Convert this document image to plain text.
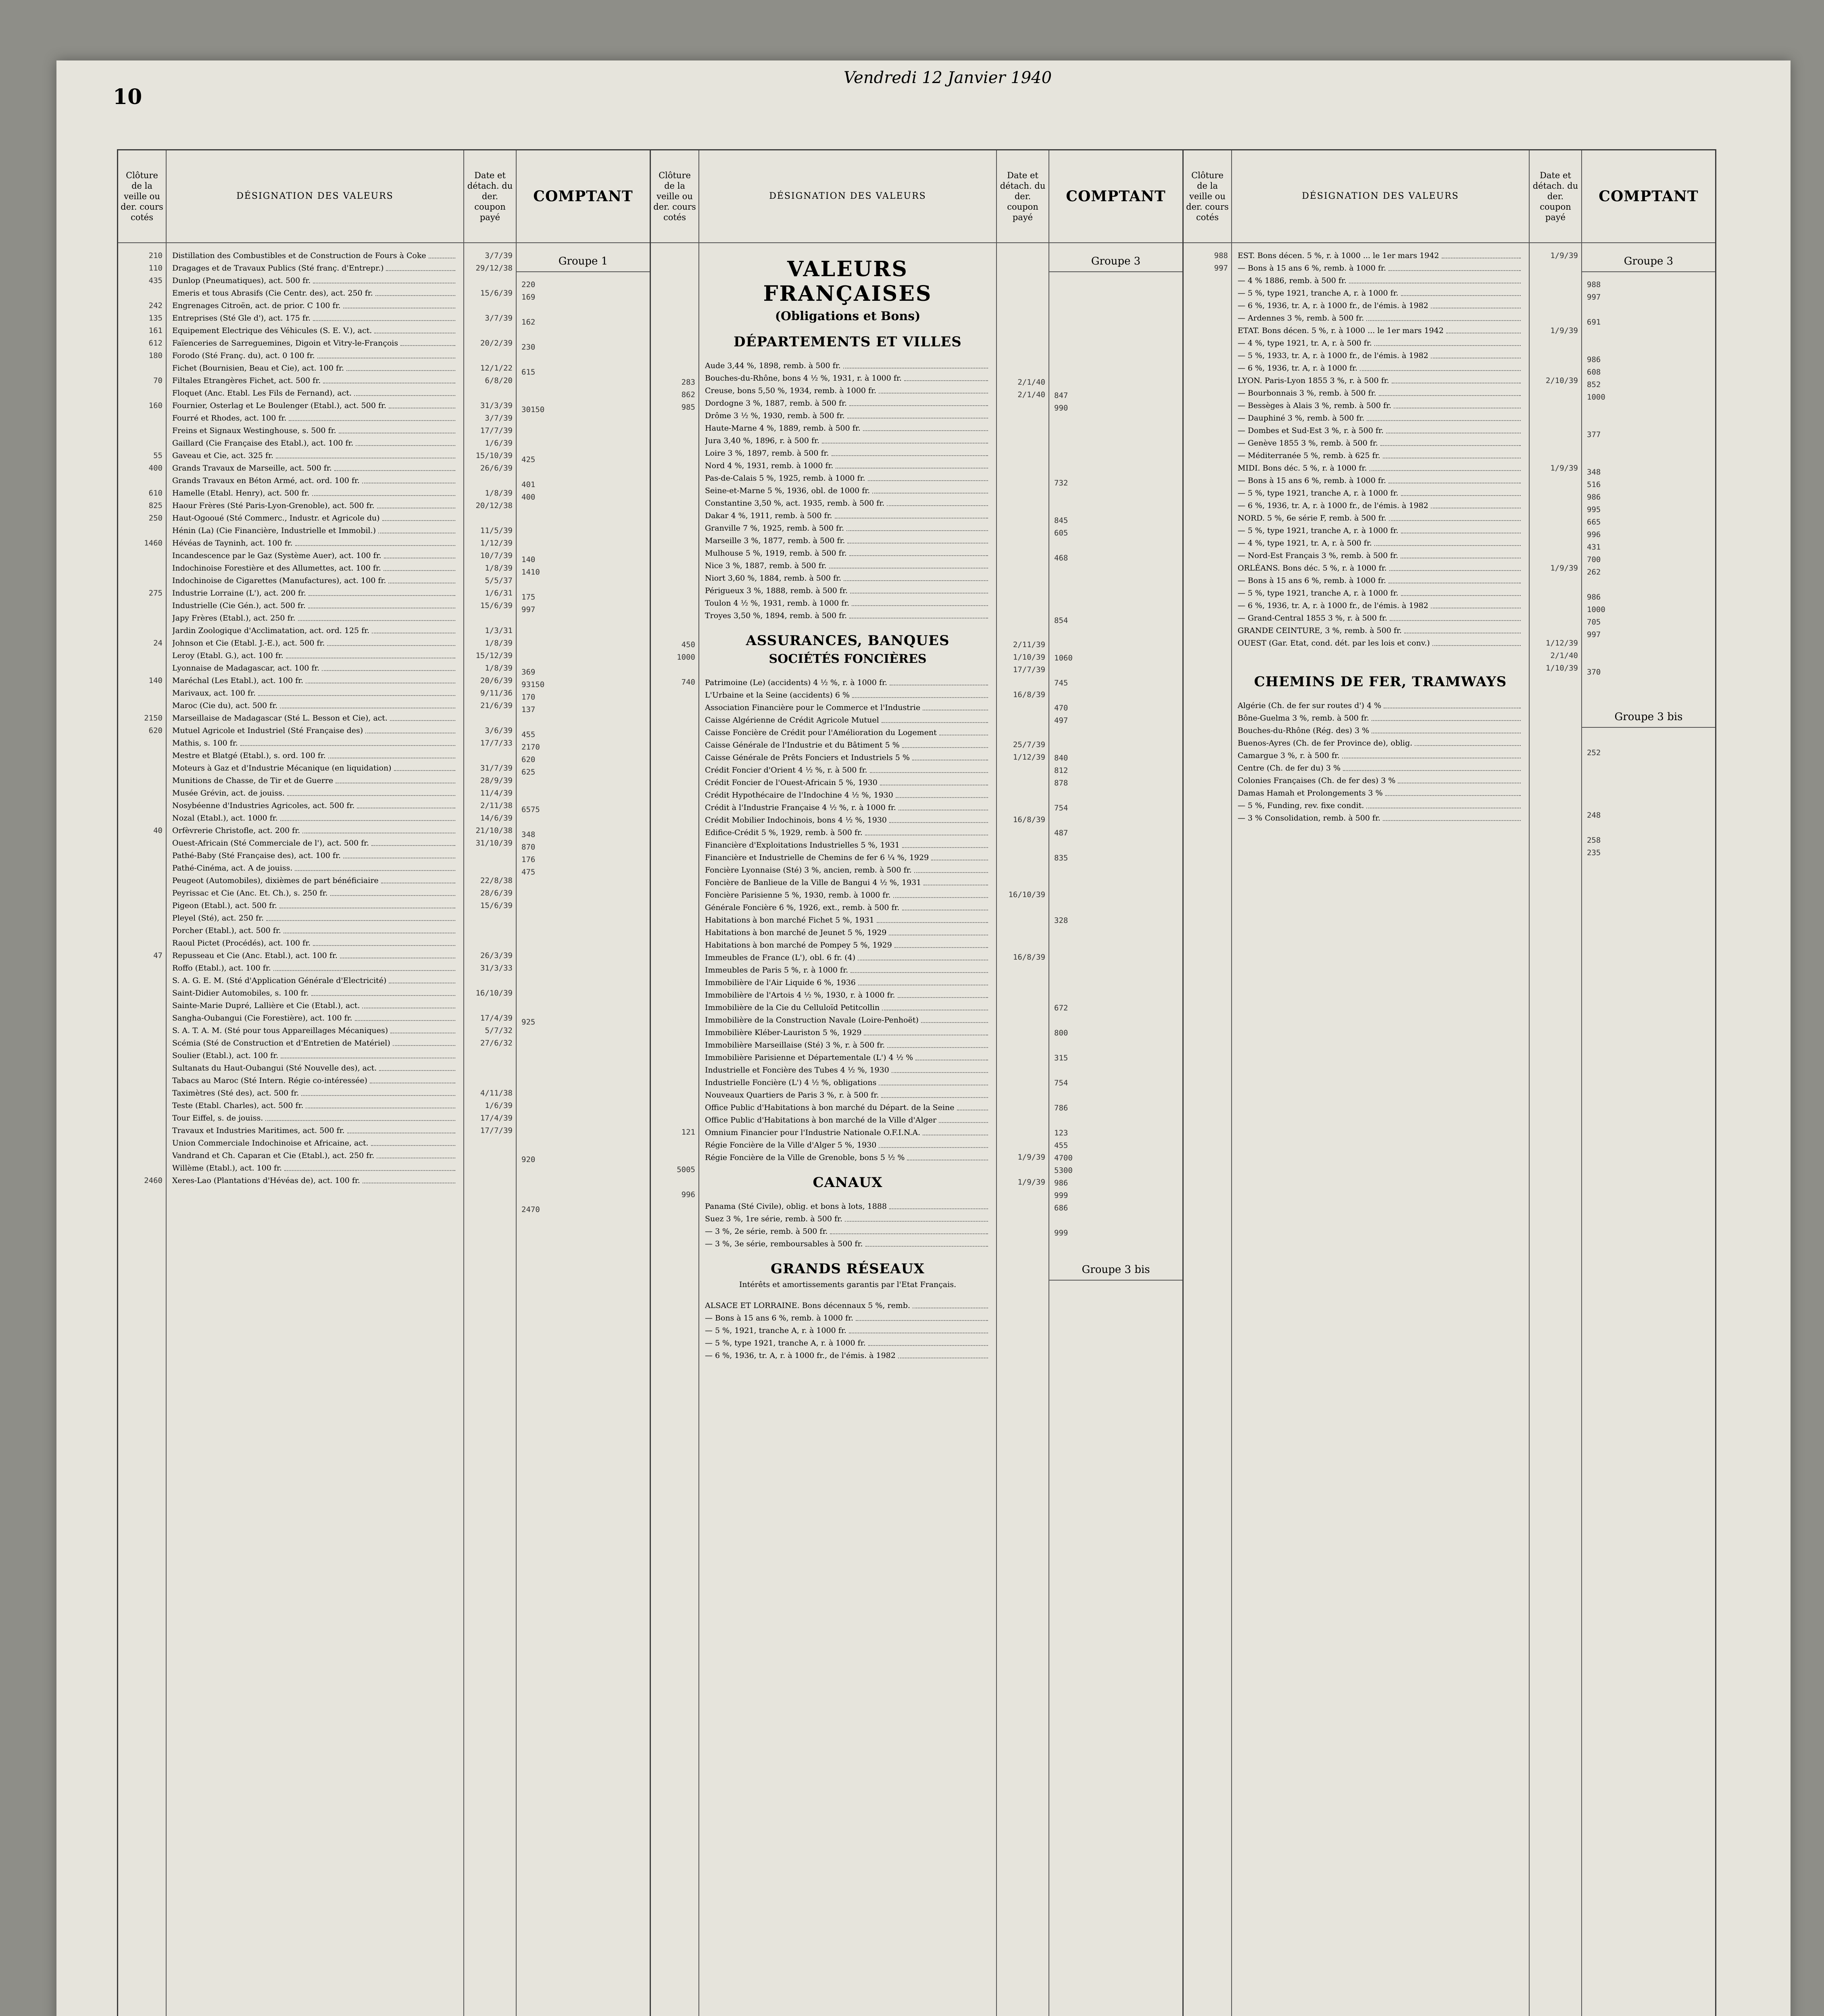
10
Vendredi 12 Janvier 1940
Clôture de la veille ou der. cours cotés
210
110
435

242
135
161
612
180

70

160

55
400

610
825
250

1460

275

24

140

2150
620

40

47

2460
DÉSIGNATION DES VALEURS
Distillation des Combustibles et de Construction de Fours à Coke
Dragages et de Travaux Publics (Sté franç. d'Entrepr.)
Dunlop (Pneumatiques), act. 500 fr.
Emeris et tous Abrasifs (Cie Centr. des), act. 250 fr.
Engrenages Citroën, act. de prior. C 100 fr.
Entreprises (Sté Gle d'), act. 175 fr.
Equipement Electrique des Véhicules (S. E. V.), act.
Faïenceries de Sarreguemines, Digoin et Vitry-le-François
Forodo (Sté Franç. du), act. 0 100 fr.
Fichet (Bournisien, Beau et Cie), act. 100 fr.
Filtales Etrangères Fichet, act. 500 fr.
Floquet (Anc. Etabl. Les Fils de Fernand), act.
Fournier, Osterlag et Le Boulenger (Etabl.), act. 500 fr.
Fourré et Rhodes, act. 100 fr.
Freins et Signaux Westinghouse, s. 500 fr.
Gaillard (Cie Française des Etabl.), act. 100 fr.
Gaveau et Cie, act. 325 fr.
Grands Travaux de Marseille, act. 500 fr.
Grands Travaux en Béton Armé, act. ord. 100 fr.
Hamelle (Etabl. Henry), act. 500 fr.
Haour Frères (Sté Paris-Lyon-Grenoble), act. 500 fr.
Haut-Ogooué (Sté Commerc., Industr. et Agricole du)
Hénin (La) (Cie Financière, Industrielle et Immobil.)
Hévéas de Tayninh, act. 100 fr.
Incandescence par le Gaz (Système Auer), act. 100 fr.
Indochinoise Forestière et des Allumettes, act. 100 fr.
Indochinoise de Cigarettes (Manufactures), act. 100 fr.
Industrie Lorraine (L'), act. 200 fr.
Industrielle (Cie Gén.), act. 500 fr.
Japy Frères (Etabl.), act. 250 fr.
Jardin Zoologique d'Acclimatation, act. ord. 125 fr.
Johnson et Cie (Etabl. J.-E.), act. 500 fr.
Leroy (Etabl. G.), act. 100 fr.
Lyonnaise de Madagascar, act. 100 fr.
Maréchal (Les Etabl.), act. 100 fr.
Marivaux, act. 100 fr.
Maroc (Cie du), act. 500 fr.
Marseillaise de Madagascar (Sté L. Besson et Cie), act.
Mutuel Agricole et Industriel (Sté Française des)
Mathis, s. 100 fr.
Mestre et Blatgé (Etabl.), s. ord. 100 fr.
Moteurs à Gaz et d'Industrie Mécanique (en liquidation)
Munitions de Chasse, de Tir et de Guerre
Musée Grévin, act. de jouiss.
Nosybéenne d'Industries Agricoles, act. 500 fr.
Nozal (Etabl.), act. 1000 fr.
Orfèvrerie Christofle, act. 200 fr.
Ouest-Africain (Sté Commerciale de l'), act. 500 fr.
Pathé-Baby (Sté Française des), act. 100 fr.
Pathé-Cinéma, act. A de jouiss.
Peugeot (Automobiles), dixièmes de part bénéficiaire
Peyrissac et Cie (Anc. Et. Ch.), s. 250 fr.
Pigeon (Etabl.), act. 500 fr.
Pleyel (Sté), act. 250 fr.
Porcher (Etabl.), act. 500 fr.
Raoul Pictet (Procédés), act. 100 fr.
Repusseau et Cie (Anc. Etabl.), act. 100 fr.
Roffo (Etabl.), act. 100 fr.
S. A. G. E. M. (Sté d'Application Générale d'Electricité)
Saint-Didier Automobiles, s. 100 fr.
Sainte-Marie Dupré, Lallière et Cie (Etabl.), act.
Sangha-Oubangui (Cie Forestière), act. 100 fr.
S. A. T. A. M. (Sté pour tous Appareillages Mécaniques)
Scémia (Sté de Construction et d'Entretien de Matériel)
Soulier (Etabl.), act. 100 fr.
Sultanats du Haut-Oubangui (Sté Nouvelle des), act.
Tabacs au Maroc (Sté Intern. Régie co-intéressée)
Taximètres (Sté des), act. 500 fr.
Teste (Etabl. Charles), act. 500 fr.
Tour Eiffel, s. de jouiss.
Travaux et Industries Maritimes, act. 500 fr.
Union Commerciale Indochinoise et Africaine, act.
Vandrand et Ch. Caparan et Cie (Etabl.), act. 250 fr.
Willème (Etabl.), act. 100 fr.
Xeres-Lao (Plantations d'Hévéas de), act. 100 fr.
Date et détach. du der. coupon payé
3/7/39
29/12/38

15/6/39

3/7/39

20/2/39

12/1/22
6/8/20

31/3/39
3/7/39
17/7/39
1/6/39
15/10/39
26/6/39

1/8/39
20/12/38

11/5/39
1/12/39
10/7/39
1/8/39
5/5/37
1/6/31
15/6/39

1/3/31
1/8/39
15/12/39
1/8/39
20/6/39
9/11/36
21/6/39

3/6/39
17/7/33

31/7/39
28/9/39
11/4/39
2/11/38
14/6/39
21/10/38
31/10/39

22/8/38
28/6/39
15/6/39

26/3/39
31/3/33

16/10/39

17/4/39
5/7/32
27/6/32

4/11/38
1/6/39
17/4/39
17/7/39

COMPTANT
Groupe 1
220
169

162

230

615

30150

425

401
400

140
1410

175
997

369
93150
170
137

455
2170
620
625

6575

348
870
176
475

925

920

2470
Clôture de la veille ou der. cours cotés
283
862
985

450
1000

740

121

5005

996

DÉSIGNATION DES VALEURS
VALEURS FRANÇAISES
(Obligations et Bons)
DÉPARTEMENTS ET VILLES
Aude 3,44 %, 1898, remb. à 500 fr.
Bouches-du-Rhône, bons 4 ½ %, 1931, r. à 1000 fr.
Creuse, bons 5,50 %, 1934, remb. à 1000 fr.
Dordogne 3 %, 1887, remb. à 500 fr.
Drôme 3 ½ %, 1930, remb. à 500 fr.
Haute-Marne 4 %, 1889, remb. à 500 fr.
Jura 3,40 %, 1896, r. à 500 fr.
Loire 3 %, 1897, remb. à 500 fr.
Nord 4 %, 1931, remb. à 1000 fr.
Pas-de-Calais 5 %, 1925, remb. à 1000 fr.
Seine-et-Marne 5 %, 1936, obl. de 1000 fr.
Constantine 3,50 %, act. 1935, remb. à 500 fr.
Dakar 4 %, 1911, remb. à 500 fr.
Granville 7 %, 1925, remb. à 500 fr.
Marseille 3 %, 1877, remb. à 500 fr.
Mulhouse 5 %, 1919, remb. à 500 fr.
Nice 3 %, 1887, remb. à 500 fr.
Niort 3,60 %, 1884, remb. à 500 fr.
Périgueux 3 %, 1888, remb. à 500 fr.
Toulon 4 ½ %, 1931, remb. à 1000 fr.
Troyes 3,50 %, 1894, remb. à 500 fr.
ASSURANCES, BANQUES
SOCIÉTÉS FONCIÈRES
Patrimoine (Le) (accidents) 4 ½ %, r. à 1000 fr.
L'Urbaine et la Seine (accidents) 6 %
Association Financière pour le Commerce et l'Industrie
Caisse Algérienne de Crédit Agricole Mutuel
Caisse Foncière de Crédit pour l'Amélioration du Logement
Caisse Générale de l'Industrie et du Bâtiment 5 %
Caisse Générale de Prêts Fonciers et Industriels 5 %
Crédit Foncier d'Orient 4 ½ %, r. à 500 fr.
Crédit Foncier de l'Ouest-Africain 5 %, 1930
Crédit Hypothécaire de l'Indochine 4 ½ %, 1930
Crédit à l'Industrie Française 4 ½ %, r. à 1000 fr.
Crédit Mobilier Indochinois, bons 4 ½ %, 1930
Edifice-Crédit 5 %, 1929, remb. à 500 fr.
Financière d'Exploitations Industrielles 5 %, 1931
Financière et Industrielle de Chemins de fer 6 ¼ %, 1929
Foncière Lyonnaise (Sté) 3 %, ancien, remb. à 500 fr.
Foncière de Banlieue de la Ville de Bangui 4 ½ %, 1931
Foncière Parisienne 5 %, 1930, remb. à 1000 fr.
Générale Foncière 6 %, 1926, ext., remb. à 500 fr.
Habitations à bon marché Fichet 5 %, 1931
Habitations à bon marché de Jeunet 5 %, 1929
Habitations à bon marché de Pompey 5 %, 1929
Immeubles de France (L'), obl. 6 fr. (4)
Immeubles de Paris 5 %, r. à 1000 fr.
Immobilière de l'Air Liquide 6 %, 1936
Immobilière de l'Artois 4 ½ %, 1930, r. à 1000 fr.
Immobilière de la Cie du Celluloïd Petitcollin
Immobilière de la Construction Navale (Loire-Penhoët)
Immobilière Kléber-Lauriston 5 %, 1929
Immobilière Marseillaise (Sté) 3 %, r. à 500 fr.
Immobilière Parisienne et Départementale (L') 4 ½ %
Industrielle et Foncière des Tubes 4 ½ %, 1930
Industrielle Foncière (L') 4 ½ %, obligations
Nouveaux Quartiers de Paris 3 %, r. à 500 fr.
Office Public d'Habitations à bon marché du Départ. de la Seine
Office Public d'Habitations à bon marché de la Ville d'Alger
Omnium Financier pour l'Industrie Nationale O.F.I.N.A.
Régie Foncière de la Ville d'Alger 5 %, 1930
Régie Foncière de la Ville de Grenoble, bons 5 ½ %
CANAUX
Panama (Sté Civile), oblig. et bons à lots, 1888
Suez 3 %, 1re série, remb. à 500 fr.
— 3 %, 2e série, remb. à 500 fr.
— 3 %, 3e série, remboursables à 500 fr.
GRANDS RÉSEAUX
Intérêts et amortissements garantis par l'Etat Français.
ALSACE ET LORRAINE. Bons décennaux 5 %, remb.
— Bons à 15 ans 6 %, remb. à 1000 fr.
— 5 %, 1921, tranche A, r. à 1000 fr.
— 5 %, type 1921, tranche A, r. à 1000 fr.
— 6 %, 1936, tr. A, r. à 1000 fr., de l'émis. à 1982
Date et détach. du der. coupon payé
2/1/40
2/1/40

2/11/39
1/10/39
17/7/39

16/8/39

25/7/39
1/12/39

16/8/39

16/10/39

16/8/39

1/9/39

1/9/39

COMPTANT
Groupe 3

847
990

732

845
605

468

854

1060

745

470
497

840
812
878

754

487

835

328

672

800

315

754

786

123
455
4700
5300
986
999
686

999
Groupe 3 bis
Clôture de la veille ou der. cours cotés
988
997

DÉSIGNATION DES VALEURS
EST. Bons décen. 5 %, r. à 1000 ... le 1er mars 1942
— Bons à 15 ans 6 %, remb. à 1000 fr.
— 4 % 1886, remb. à 500 fr.
— 5 %, type 1921, tranche A, r. à 1000 fr.
— 6 %, 1936, tr. A, r. à 1000 fr., de l'émis. à 1982
— Ardennes 3 %, remb. à 500 fr.
ETAT. Bons décen. 5 %, r. à 1000 ... le 1er mars 1942
— 4 %, type 1921, tr. A, r. à 500 fr.
— 5 %, 1933, tr. A, r. à 1000 fr., de l'émis. à 1982
— 6 %, 1936, tr. A, r. à 1000 fr.
LYON. Paris-Lyon 1855 3 %, r. à 500 fr.
— Bourbonnais 3 %, remb. à 500 fr.
— Bessèges à Alais 3 %, remb. à 500 fr.
— Dauphiné 3 %, remb. à 500 fr.
— Dombes et Sud-Est 3 %, r. à 500 fr.
— Genève 1855 3 %, remb. à 500 fr.
— Méditerranée 5 %, remb. à 625 fr.
MIDI. Bons déc. 5 %, r. à 1000 fr.
— Bons à 15 ans 6 %, remb. à 1000 fr.
— 5 %, type 1921, tranche A, r. à 1000 fr.
— 6 %, 1936, tr. A, r. à 1000 fr., de l'émis. à 1982
NORD. 5 %, 6e série F, remb. à 500 fr.
— 5 %, type 1921, tranche A, r. à 1000 fr.
— 4 %, type 1921, tr. A, r. à 500 fr.
— Nord-Est Français 3 %, remb. à 500 fr.
ORLÉANS. Bons déc. 5 %, r. à 1000 fr.
— Bons à 15 ans 6 %, remb. à 1000 fr.
— 5 %, type 1921, tranche A, r. à 1000 fr.
— 6 %, 1936, tr. A, r. à 1000 fr., de l'émis. à 1982
— Grand-Central 1855 3 %, r. à 500 fr.
GRANDE CEINTURE, 3 %, remb. à 500 fr.
OUEST (Gar. Etat, cond. dét. par les lois et conv.)
CHEMINS DE FER, TRAMWAYS
Algérie (Ch. de fer sur routes d') 4 %
Bône-Guelma 3 %, remb. à 500 fr.
Bouches-du-Rhône (Rég. des) 3 %
Buenos-Ayres (Ch. de fer Province de), oblig.
Camargue 3 %, r. à 500 fr.
Centre (Ch. de fer du) 3 %
Colonies Françaises (Ch. de fer des) 3 %
Damas Hamah et Prolongements 3 %
— 5 %, Funding, rev. fixe condit.
— 3 % Consolidation, remb. à 500 fr.
Date et détach. du der. coupon payé
1/9/39

1/9/39

2/10/39

1/9/39

1/9/39

1/12/39
2/1/40
1/10/39

COMPTANT
Groupe 3
988
997

691

986
608
852
1000

377

348
516
986
995
665
996
431
700
262

986
1000
705
997

370
Groupe 3 bis

252

248

258
235
